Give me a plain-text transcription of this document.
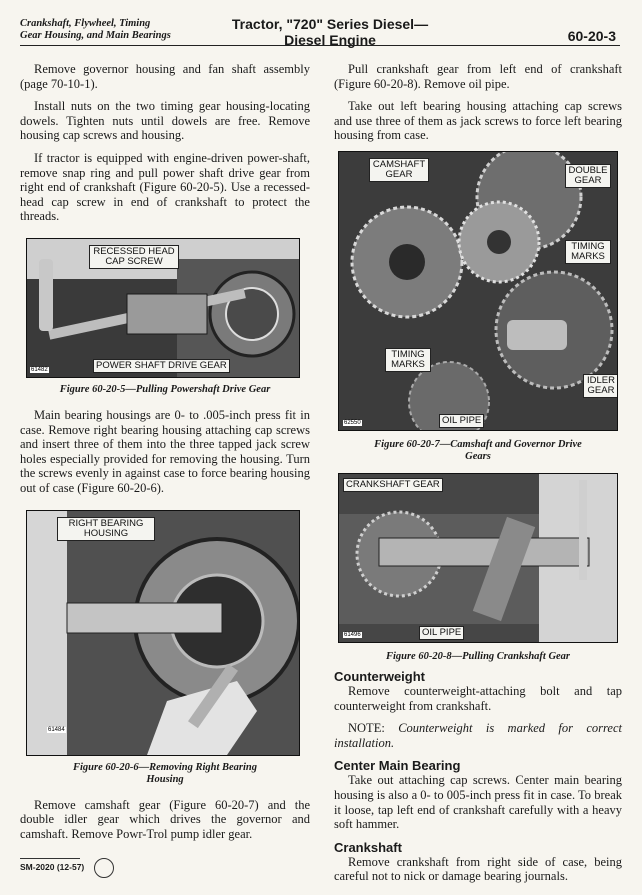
Crankshaft, Flywheel, Timing
Gear Housing, and Main Bearings
Tractor, "720" Series Diesel—
Diesel Engine	60-20-3

Remove governor housing and fan shaft assembly (page 70-10-1).

Install nuts on the two timing gear housing-locating dowels. Tighten nuts until dowels are free. Remove housing cap screws and housing.

If tractor is equipped with engine-driven power-shaft, remove snap ring and pull power shaft drive gear from right end of crankshaft (Figure 60-20-5). Use a recessed-head cap screw in end of crankshaft to protect the threads.

RECESSED HEAD CAP SCREW
POWER SHAFT DRIVE GEAR
61482
Figure 60-20-5—Pulling Powershaft Drive Gear

Main bearing housings are 0- to .005-inch press fit in case. Remove right bearing housing attaching cap screws and insert three of them into the three tapped jack screw holes especially provided for removing the housing. Turn the screws evenly in against case to force bearing housing out of case (Figure 60-20-6).

RIGHT BEARING HOUSING
61484
Figure 60-20-6—Removing Right Bearing
Housing

Remove camshaft gear (Figure 60-20-7) and the double idler gear which drives the governor and camshaft. Remove Powr-Trol pump idler gear.

Pull crankshaft gear from left end of crankshaft (Figure 60-20-8). Remove oil pipe.

Take out left bearing housing attaching cap screws and use three of them as jack screws to force left bearing housing from case.

CAMSHAFT GEAR	DOUBLE GEAR
TIMING MARKS
TIMING MARKS
IDLER GEAR
OIL PIPE
62550
Figure 60-20-7—Camshaft and Governor Drive
Gears
CRANKSHAFT GEAR
OIL PIPE
61496
Figure 60-20-8—Pulling Crankshaft Gear
Counterweight

Remove counterweight-attaching bolt and tap counterweight from crankshaft.

NOTE: Counterweight is marked for correct installation.

Center Main Bearing

Take out attaching cap screws. Center main bearing housing is also a 0- to 005-inch press fit in case. To break it loose, tap left end of crankshaft carefully with a heavy soft hammer.

Crankshaft

Remove crankshaft from right side of case, being careful not to nick or damage bearing journals.

SM-2020 (12-57)
